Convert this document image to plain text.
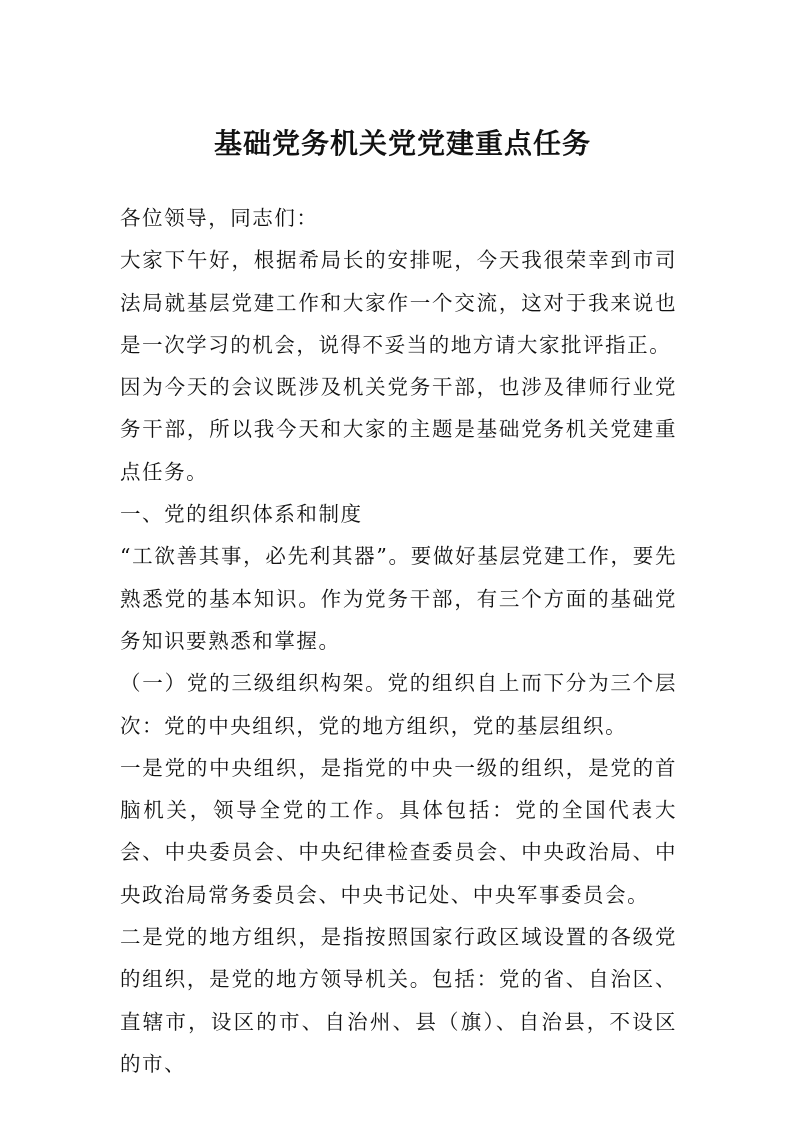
基础党务机关党党建重点任务

各位领导，同志们：

大家下午好，根据希局长的安排呢，今天我很荣幸到市司法局就基层党建工作和大家作一个交流，这对于我来说也是一次学习的机会，说得不妥当的地方请大家批评指正。

因为今天的会议既涉及机关党务干部，也涉及律师行业党务干部，所以我今天和大家的主题是基础党务机关党建重点任务。

一、党的组织体系和制度

“工欲善其事，必先利其器”。要做好基层党建工作，要先熟悉党的基本知识。作为党务干部，有三个方面的基础党务知识要熟悉和掌握。

（一）党的三级组织构架。党的组织自上而下分为三个层次：党的中央组织，党的地方组织，党的基层组织。

一是党的中央组织，是指党的中央一级的组织，是党的首脑机关，领导全党的工作。具体包括：党的全国代表大会、中央委员会、中央纪律检查委员会、中央政治局、中央政治局常务委员会、中央书记处、中央军事委员会。

二是党的地方组织，是指按照国家行政区域设置的各级党的组织，是党的地方领导机关。包括：党的省、自治区、直辖市，设区的市、自治州、县（旗）、自治县，不设区的市、
